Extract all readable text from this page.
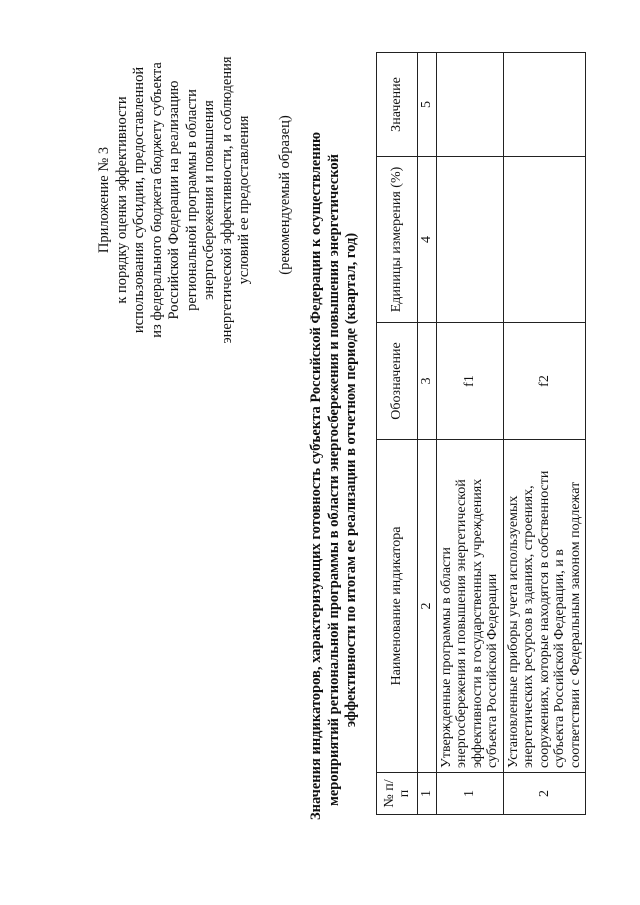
Приложение № 3 к порядку оценки эффективности использования субсидии, предоставленной из федерального бюджета бюджету субъекта Российской Федерации на реализацию региональной программы в области энергосбережения и повышения энергетической эффективности, и соблюдения условий ее предоставления (рекомендуемый образец) Значения индикаторов, характеризующих готовность субъекта Российской Федерации к осуществлению мероприятий региональной программы в области энергосбережения и повышения энергетической эффективности по итогам ее реализации в отчетном периоде (квартал, год)
№ п/п	Наименование индикатора	Обозначение	Единицы измерения (%)	Значение
1	2	3	4	5
1	Утвержденные программы в области энергосбережения и повышения энергетической эффективности в государственных учреждениях субъекта Российской Федерации	f1		
2	Установленные приборы учета используемых энергетических ресурсов в зданиях, строениях, сооружениях, которые находятся в собственности субъекта Российской Федерации, и в соответствии с Федеральным законом подлежат	f2		
